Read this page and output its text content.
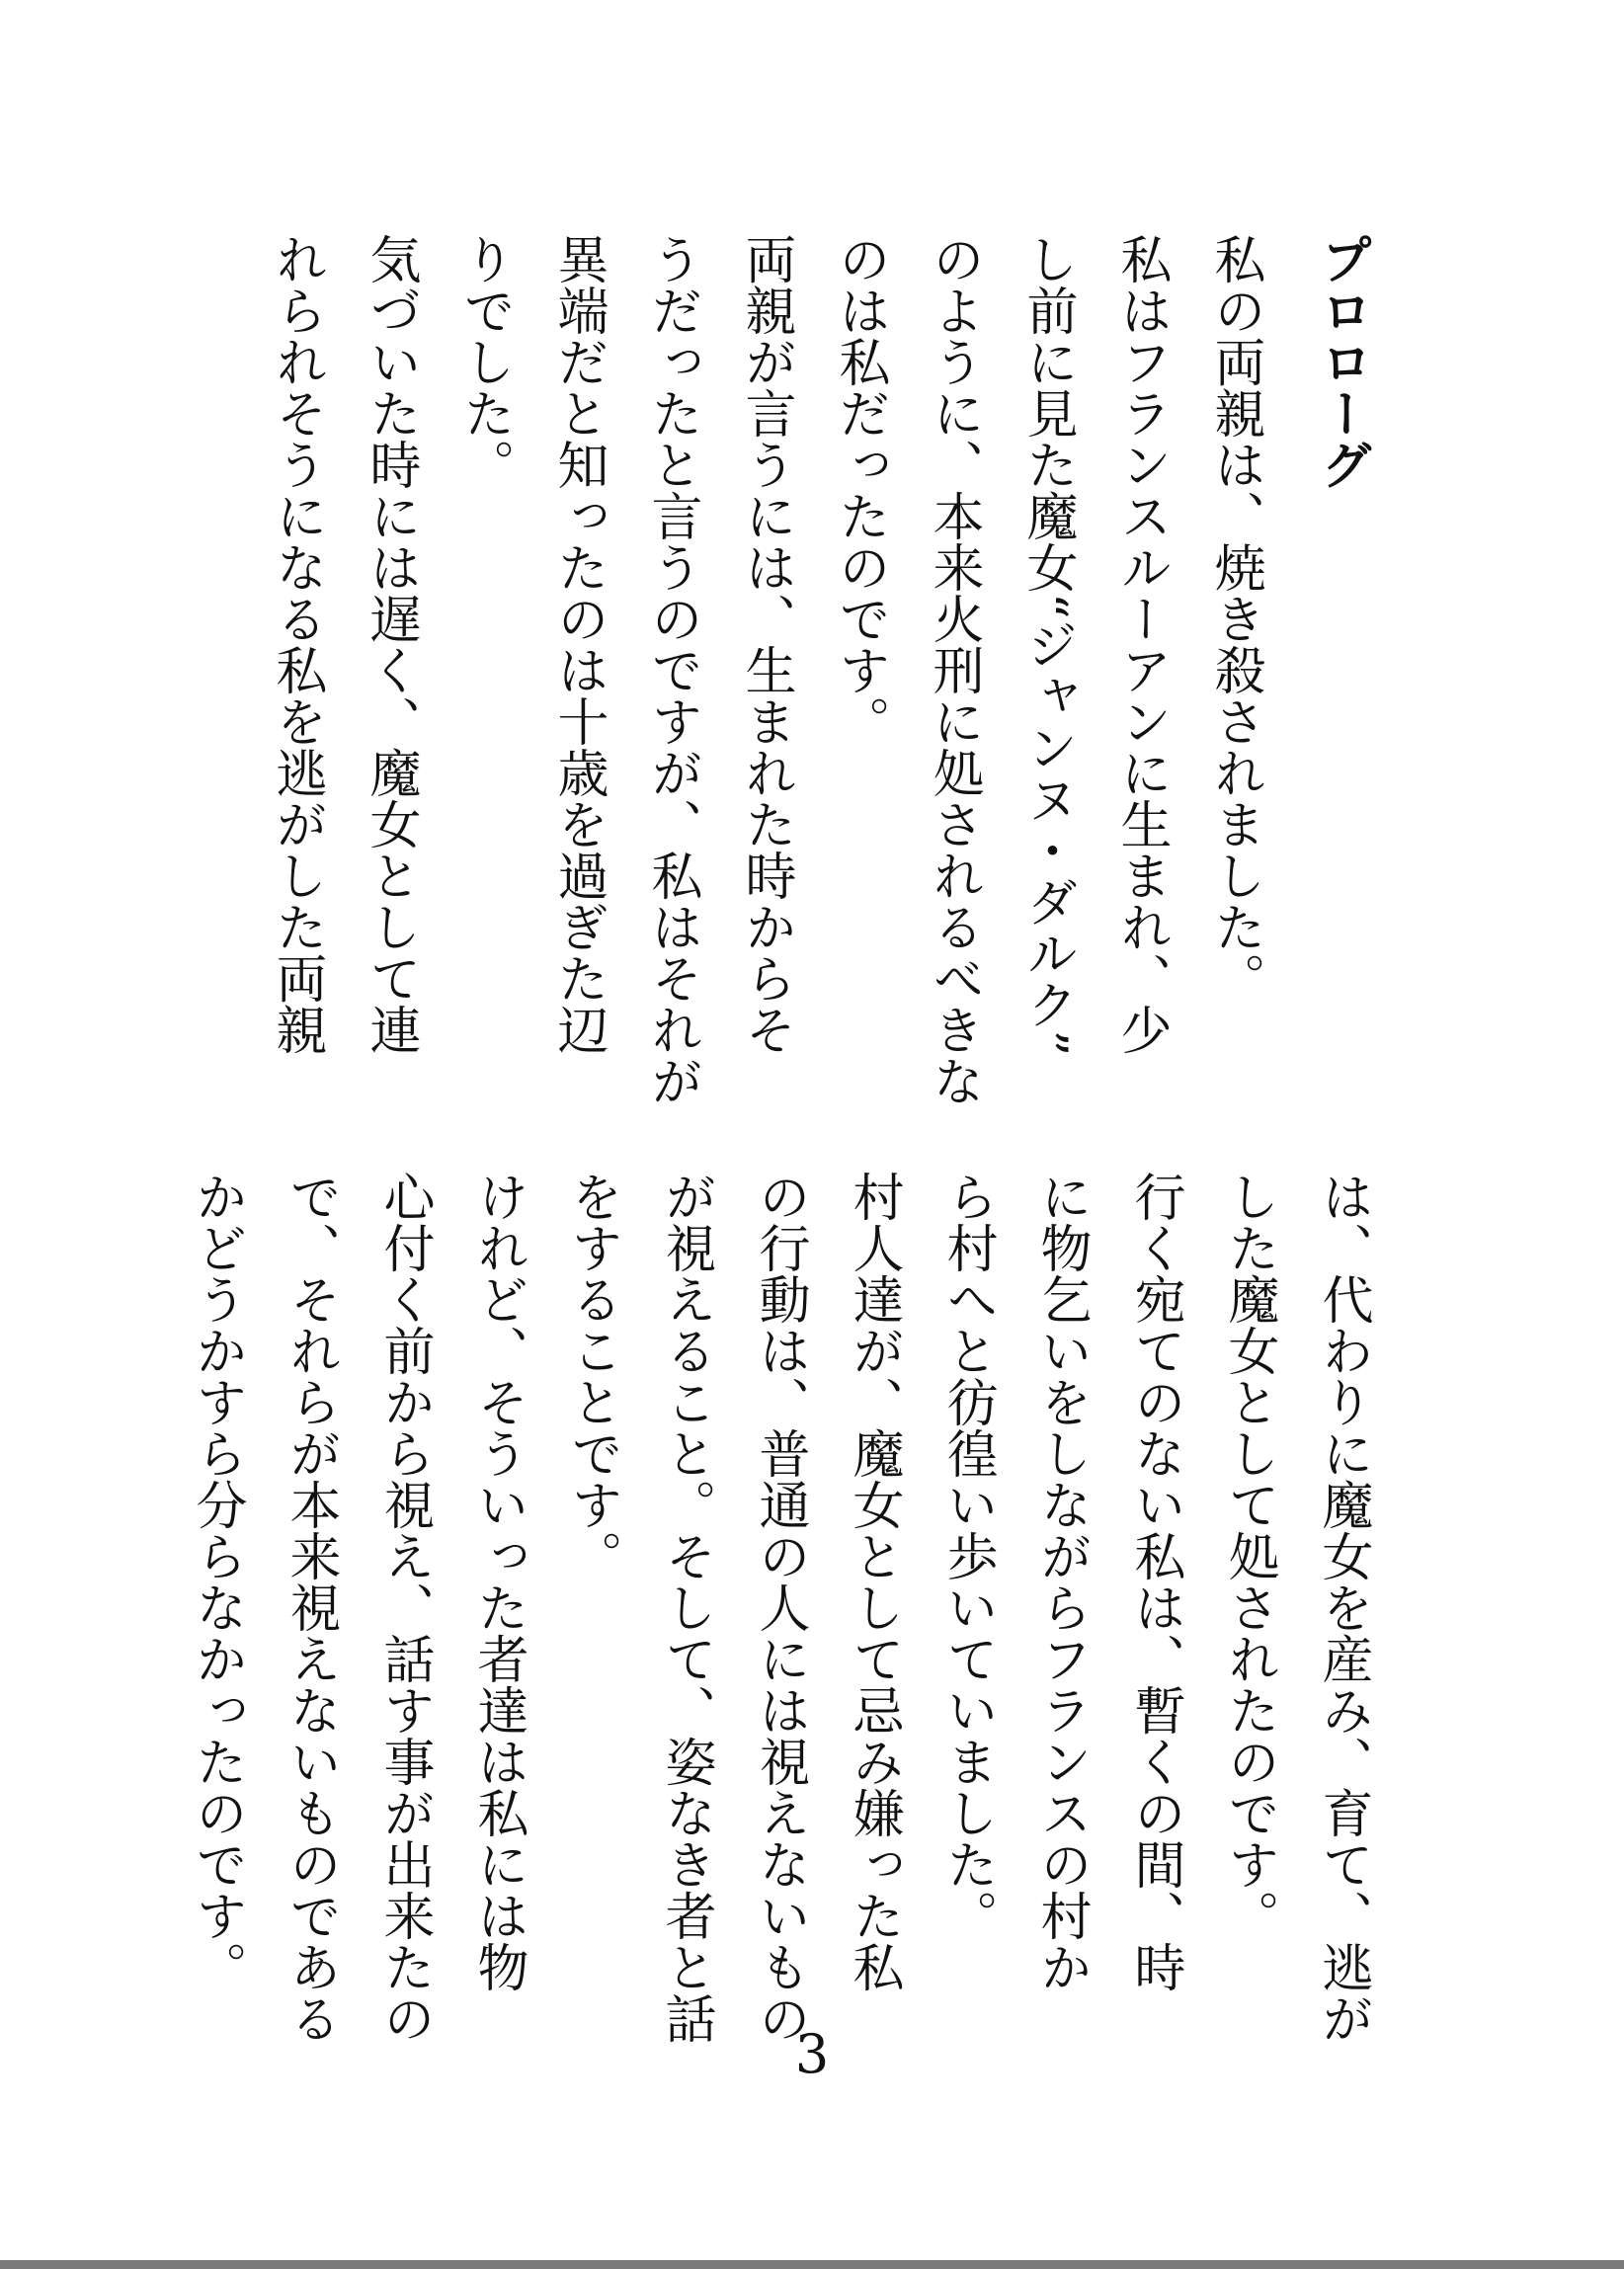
プロローグ
私の両親は、焼き殺されました。
私はフランスルーアンに生まれ、少
し前に見た魔女“ジャンヌ・ダルク”
のように、本来火刑に処されるべきな
のは私だったのです。
両親が言うには、生まれた時からそ
うだったと言うのですが、私はそれが
異端だと知ったのは十歳を過ぎた辺
りでした。
気づいた時には遅く、魔女として連
れられそうになる私を逃がした両親
は、代わりに魔女を産み、育て、逃が
した魔女として処されたのです。
行く宛てのない私は、暫くの間、時
に物乞いをしながらフランスの村か
ら村へと彷徨い歩いていました。
村人達が、魔女として忌み嫌った私
の行動は、普通の人には視えないもの
が視えること。そして、姿なき者と話
をすることです。
けれど、そういった者達は私には物
心付く前から視え、話す事が出来たの
で、それらが本来視えないものである
かどうかすら分らなかったのです。
3
